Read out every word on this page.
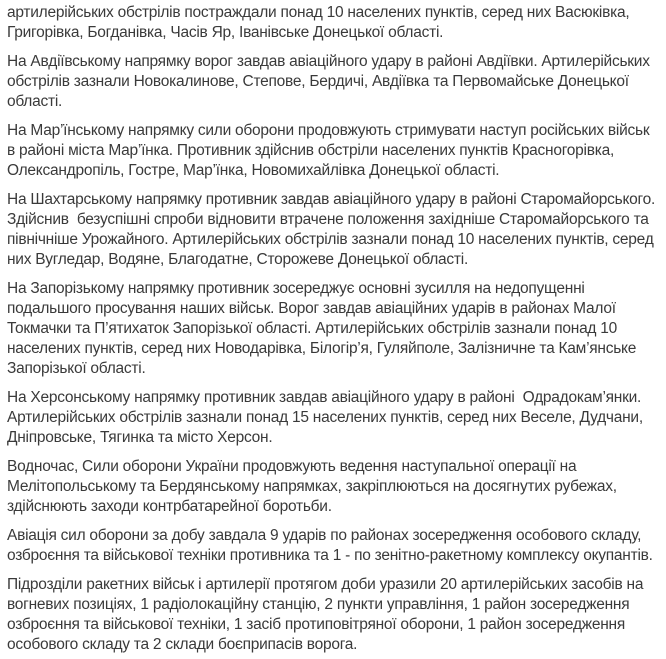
артилерійських обстрілів постраждали понад 10 населених пунктів, серед них Васюківка, Григорівка, Богданівка, Часів Яр, Іванівське Донецької області.

На Авдіївському напрямку ворог завдав авіаційного удару в районі Авдіївки. Артилерійських обстрілів зазнали Новокалинове, Степове, Бердичі, Авдіївка та Первомайське Донецької області.

На Мар’їнському напрямку сили оборони продовжують стримувати наступ російських військ в районі міста Мар’їнка. Противник здійснив обстріли населених пунктів Красногорівка, Олександропіль, Гостре, Мар’їнка, Новомихайлівка Донецької області.

На Шахтарському напрямку противник завдав авіаційного удару в районі Старомайорського. Здійснив  безуспішні спроби відновити втрачене положення західніше Старомайорського та північніше Урожайного. Артилерійських обстрілів зазнали понад 10 населених пунктів, серед них Вугледар, Водяне, Благодатне, Сторожеве Донецької області.

На Запорізькому напрямку противник зосереджує основні зусилля на недопущенні подальшого просування наших військ. Ворог завдав авіаційних ударів в районах Малої Токмачки та П’ятихаток Запорізької області. Артилерійських обстрілів зазнали понад 10 населених пунктів, серед них Новодарівка, Білогір’я, Гуляйполе, Залізничне та Кам’янське Запорізької області.

На Херсонському напрямку противник завдав авіаційного удару в районі  Одрадокам’янки. Артилерійських обстрілів зазнали понад 15 населених пунктів, серед них Веселе, Дудчани, Дніпровське, Тягинка та місто Херсон.

Водночас, Сили оборони України продовжують ведення наступальної операції на Мелітопольському та Бердянському напрямках, закріплюються на досягнутих рубежах, здійснюють заходи контрбатарейної боротьби.

Авіація сил оборони за добу завдала 9 ударів по районах зосередження особового складу, озброєння та військової техніки противника та 1 - по зенітно-ракетному комплексу окупантів.

Підрозділи ракетних військ і артилерії протягом доби уразили 20 артилерійських засобів на вогневих позиціях, 1 радіолокаційну станцію, 2 пункти управління, 1 район зосередження озброєння та військової техніки, 1 засіб протиповітряної оборони, 1 район зосередження особового складу та 2 склади боєприпасів ворога.
